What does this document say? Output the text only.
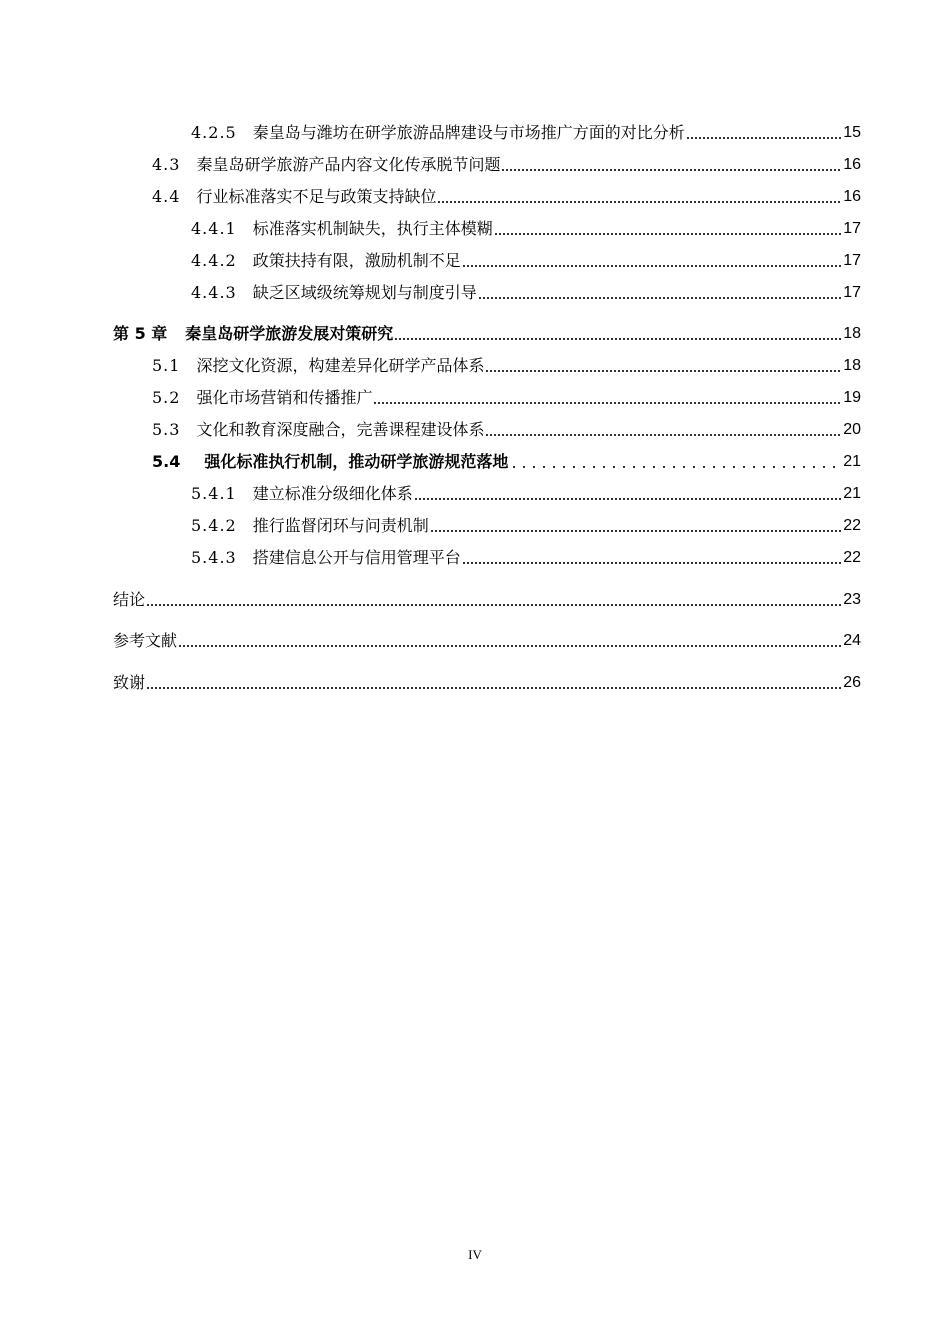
4.2.5 秦皇岛与潍坊在研学旅游品牌建设与市场推广方面的对比分析	15
4.3 秦皇岛研学旅游产品内容文化传承脱节问题	16
4.4 行业标准落实不足与政策支持缺位	16
4.4.1 标准落实机制缺失，执行主体模糊	17
4.4.2 政策扶持有限，激励机制不足	17
4.4.3 缺乏区域级统筹规划与制度引导	17
第 5 章 秦皇岛研学旅游发展对策研究	18
5.1 深挖文化资源，构建差异化研学产品体系	18
5.2 强化市场营销和传播推广	19
5.3 文化和教育深度融合，完善课程建设体系	20
5.4 强化标准执行机制，推动研学旅游规范落地	21
5.4.1 建立标准分级细化体系	21
5.4.2 推行监督闭环与问责机制	22
5.4.3 搭建信息公开与信用管理平台	22
结论	23
参考文献	24
致谢	26
IV
